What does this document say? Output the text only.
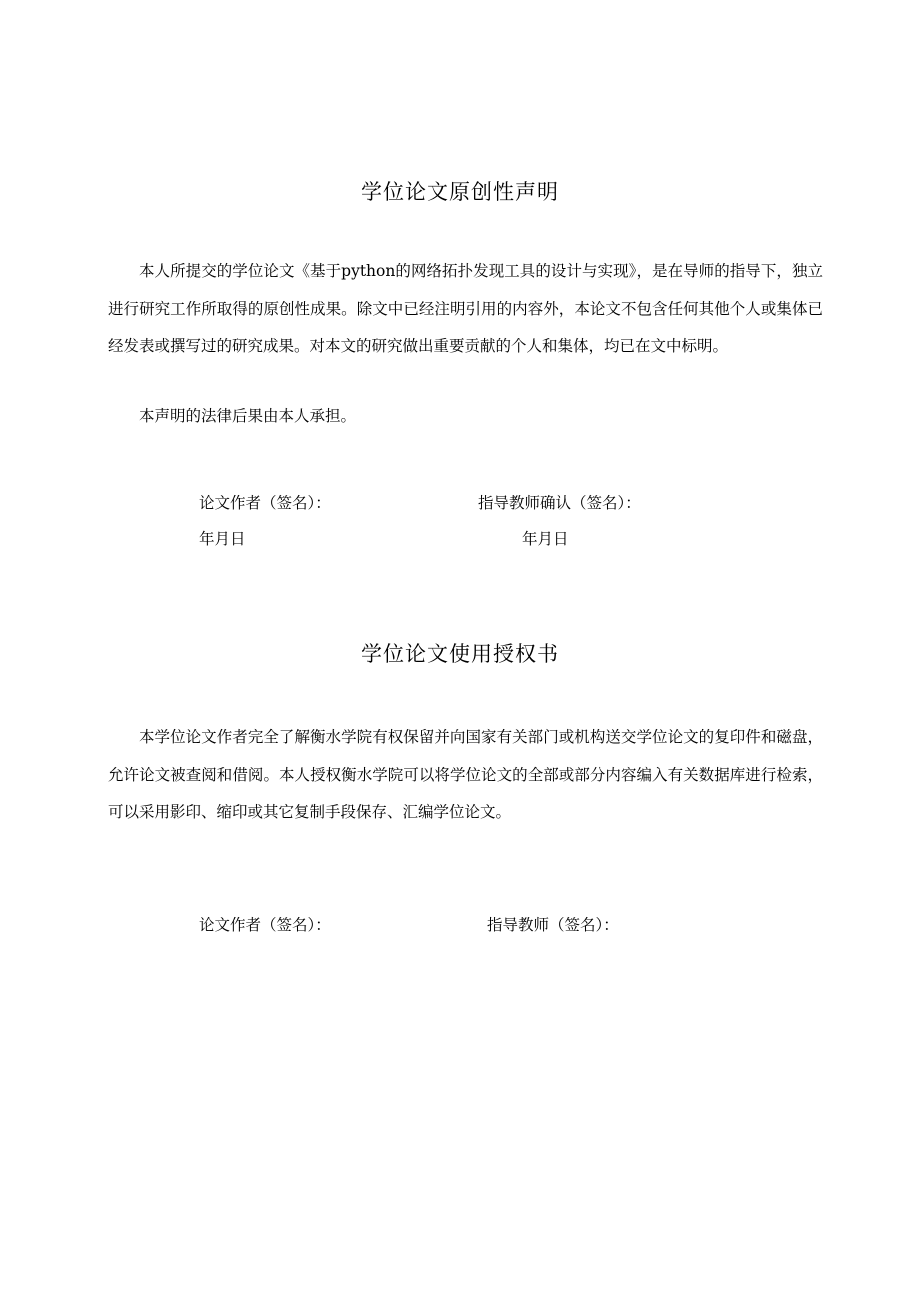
学位论文原创性声明

本人所提交的学位论文《基于python的网络拓扑发现工具的设计与实现》，是在导师的指导下，独立进行研究工作所取得的原创性成果。除文中已经注明引用的内容外，本论文不包含任何其他个人或集体已经发表或撰写过的研究成果。对本文的研究做出重要贡献的个人和集体，均已在文中标明。

本声明的法律后果由本人承担。

论文作者（签名）：	指导教师确认（签名）：
年月日	年月日
学位论文使用授权书

本学位论文作者完全了解衡水学院有权保留并向国家有关部门或机构送交学位论文的复印件和磁盘，允许论文被查阅和借阅。本人授权衡水学院可以将学位论文的全部或部分内容编入有关数据库进行检索，可以采用影印、缩印或其它复制手段保存、汇编学位论文。

论文作者（签名）：	指导教师（签名）：
